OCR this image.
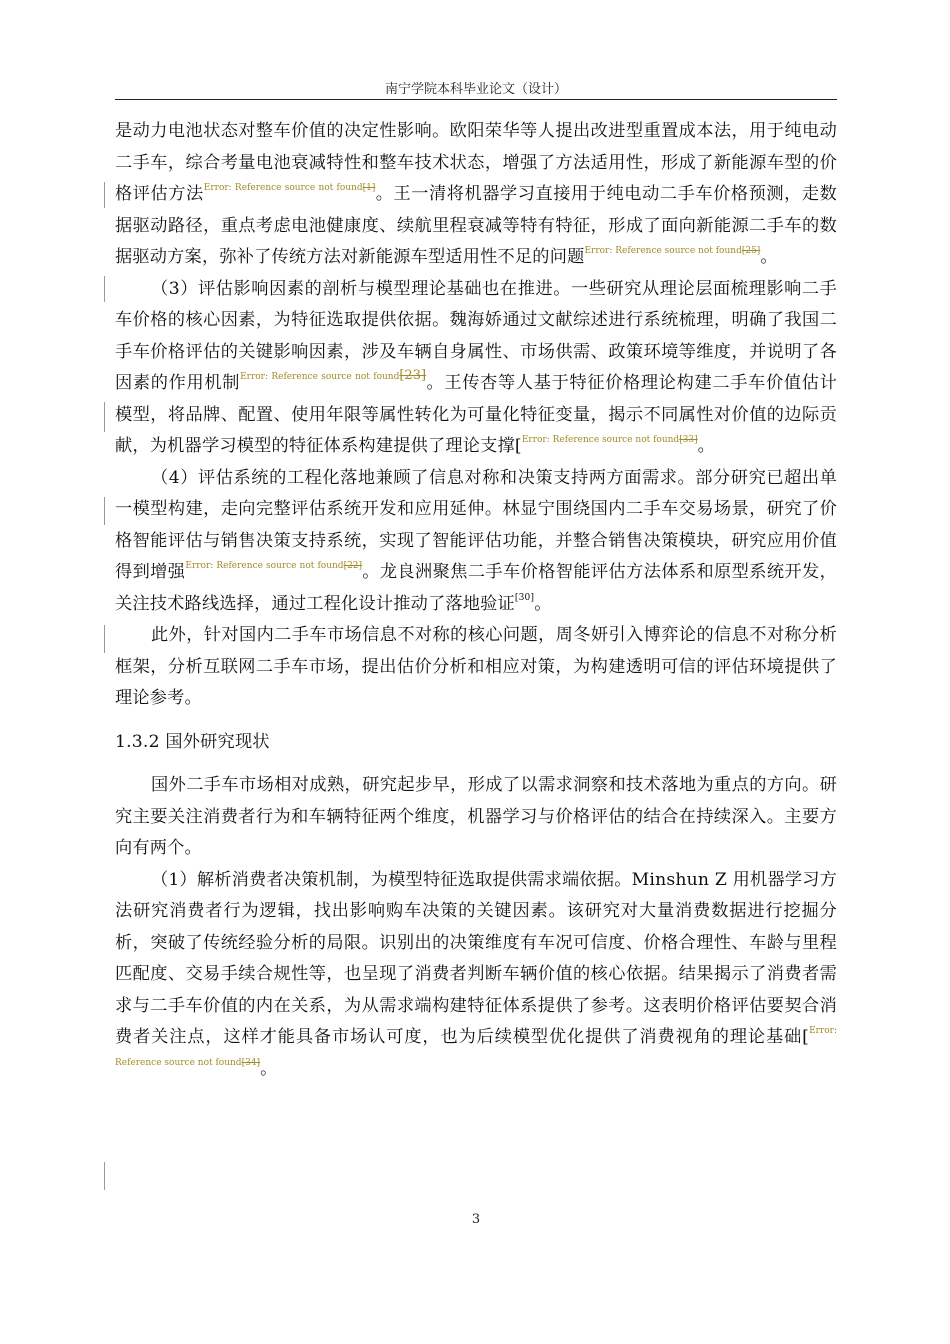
南宁学院本科毕业论文（设计）

是动力电池状态对整车价值的决定性影响。欧阳荣华等人提出改进型重置成本法，用于纯电动二手车，综合考量电池衰减特性和整车技术状态，增强了方法适用性，形成了新能源车型的价格评估方法$^{Error: Reference source not found[1]}$。王一清将机器学习直接用于纯电动二手车价格预测，走数据驱动路径，重点考虑电池健康度、续航里程衰减等特有特征，形成了面向新能源二手车的数据驱动方案，弥补了传统方法对新能源车型适用性不足的问题$^{Error: Reference source not found[25]}$。

（3）评估影响因素的剖析与模型理论基础也在推进。一些研究从理论层面梳理影响二手车价格的核心因素，为特征选取提供依据。魏海娇通过文献综述进行系统梳理，明确了我国二手车价格评估的关键影响因素，涉及车辆自身属性、市场供需、政策环境等维度，并说明了各因素的作用机制$^{Error: Reference source not found[23]}$。王传杏等人基于特征价格理论构建二手车价值估计模型，将品牌、配置、使用年限等属性转化为可量化特征变量，揭示不同属性对价值的边际贡献，为机器学习模型的特征体系构建提供了理论支撑[$^{Error: Reference source not found[33]}$。

（4）评估系统的工程化落地兼顾了信息对称和决策支持两方面需求。部分研究已超出单一模型构建，走向完整评估系统开发和应用延伸。林显宁围绕国内二手车交易场景，研究了价格智能评估与销售决策支持系统，实现了智能评估功能，并整合销售决策模块，研究应用价值得到增强$^{Error: Reference source not found[22]}$。龙良洲聚焦二手车价格智能评估方法体系和原型系统开发，关注技术路线选择，通过工程化设计推动了落地验证[30]。

此外，针对国内二手车市场信息不对称的核心问题，周冬妍引入博弈论的信息不对称分析框架，分析互联网二手车市场，提出估价分析和相应对策，为构建透明可信的评估环境提供了理论参考。

1.3.2 国外研究现状

国外二手车市场相对成熟，研究起步早，形成了以需求洞察和技术落地为重点的方向。研究主要关注消费者行为和车辆特征两个维度，机器学习与价格评估的结合在持续深入。主要方向有两个。

（1）解析消费者决策机制，为模型特征选取提供需求端依据。Minshun Z 用机器学习方法研究消费者行为逻辑，找出影响购车决策的关键因素。该研究对大量消费数据进行挖掘分析，突破了传统经验分析的局限。识别出的决策维度有车况可信度、价格合理性、车龄与里程匹配度、交易手续合规性等，也呈现了消费者判断车辆价值的核心依据。结果揭示了消费者需求与二手车价值的内在关系，为从需求端构建特征体系提供了参考。这表明价格评估要契合消费者关注点，这样才能具备市场认可度，也为后续模型优化提供了消费视角的理论基础[$^{Error: Reference source not found[34]}$。

3
